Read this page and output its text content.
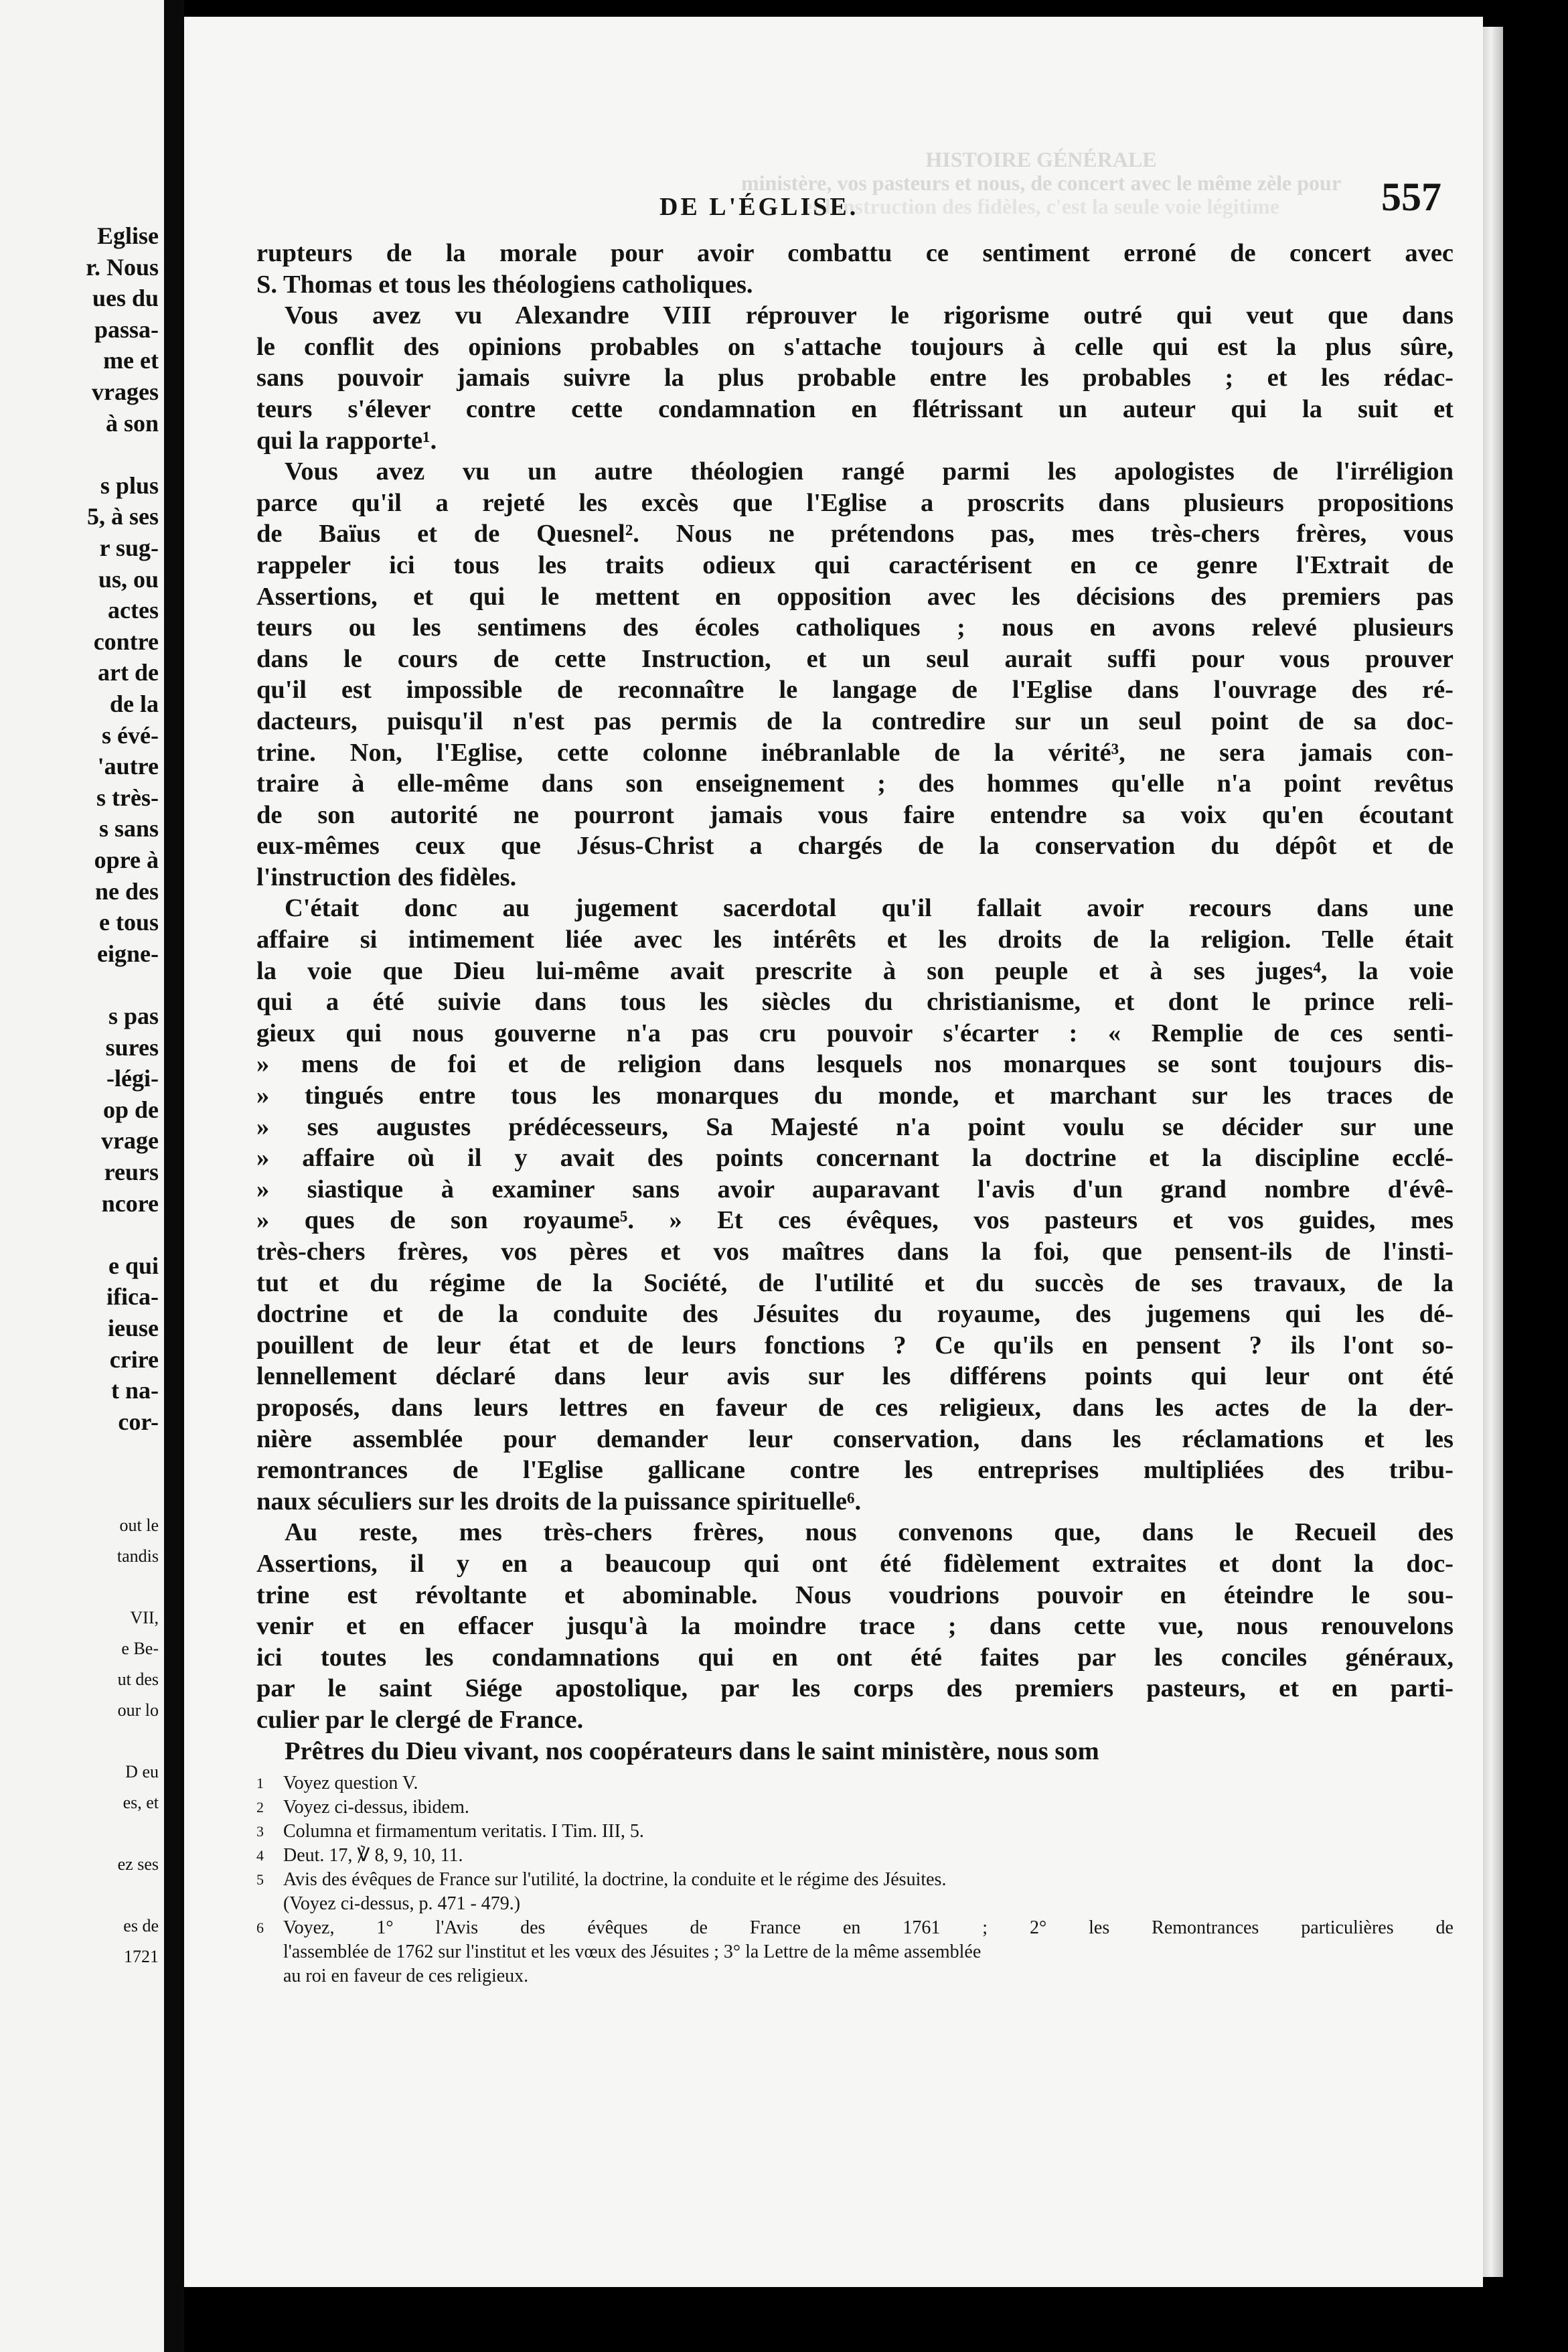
Eglise
r. Nous
ues du
passa-
me et
vrages
à son
s plus
5, à ses
r sug-
us, ou
actes
contre
art de
de la
s évé-
'autre
s très-
s sans
opre à
ne des
e tous
eigne-
s pas
sures
-légi-
op de
vrage
reurs
ncore
e qui
ifica-
ieuse
crire
t na-
cor-
out le
tandis
VII,
e Be-
ut des
our lo
D eu
es, et
ez ses
es de
1721
HISTOIRE GÉNÉRALE
ministère, vos pasteurs et nous, de concert avec le même zèle pour
et l'instruction des fidèles, c'est la seule voie légitime
DE L'ÉGLISE.	557
rupteurs de la morale pour avoir combattu ce sentiment erroné de concert avec
S. Thomas et tous les théologiens catholiques.
Vous avez vu Alexandre VIII réprouver le rigorisme outré qui veut que dans
le conflit des opinions probables on s'attache toujours à celle qui est la plus sûre,
sans pouvoir jamais suivre la plus probable entre les probables ; et les rédac-
teurs s'élever contre cette condamnation en flétrissant un auteur qui la suit et
qui la rapporte¹.
Vous avez vu un autre théologien rangé parmi les apologistes de l'irréligion
parce qu'il a rejeté les excès que l'Eglise a proscrits dans plusieurs propositions
de Baïus et de Quesnel². Nous ne prétendons pas, mes très-chers frères, vous
rappeler ici tous les traits odieux qui caractérisent en ce genre l'Extrait de
Assertions, et qui le mettent en opposition avec les décisions des premiers pas
teurs ou les sentimens des écoles catholiques ; nous en avons relevé plusieurs
dans le cours de cette Instruction, et un seul aurait suffi pour vous prouver
qu'il est impossible de reconnaître le langage de l'Eglise dans l'ouvrage des ré-
dacteurs, puisqu'il n'est pas permis de la contredire sur un seul point de sa doc-
trine. Non, l'Eglise, cette colonne inébranlable de la vérité³, ne sera jamais con-
traire à elle-même dans son enseignement ; des hommes qu'elle n'a point revêtus
de son autorité ne pourront jamais vous faire entendre sa voix qu'en écoutant
eux-mêmes ceux que Jésus-Christ a chargés de la conservation du dépôt et de
l'instruction des fidèles.
C'était donc au jugement sacerdotal qu'il fallait avoir recours dans une
affaire si intimement liée avec les intérêts et les droits de la religion. Telle était
la voie que Dieu lui-même avait prescrite à son peuple et à ses juges⁴, la voie
qui a été suivie dans tous les siècles du christianisme, et dont le prince reli-
gieux qui nous gouverne n'a pas cru pouvoir s'écarter : « Remplie de ces senti-
» mens de foi et de religion dans lesquels nos monarques se sont toujours dis-
» tingués entre tous les monarques du monde, et marchant sur les traces de
» ses augustes prédécesseurs, Sa Majesté n'a point voulu se décider sur une
» affaire où il y avait des points concernant la doctrine et la discipline ecclé-
» siastique à examiner sans avoir auparavant l'avis d'un grand nombre d'évê-
» ques de son royaume⁵. » Et ces évêques, vos pasteurs et vos guides, mes
très-chers frères, vos pères et vos maîtres dans la foi, que pensent-ils de l'insti-
tut et du régime de la Société, de l'utilité et du succès de ses travaux, de la
doctrine et de la conduite des Jésuites du royaume, des jugemens qui les dé-
pouillent de leur état et de leurs fonctions ? Ce qu'ils en pensent ? ils l'ont so-
lennellement déclaré dans leur avis sur les différens points qui leur ont été
proposés, dans leurs lettres en faveur de ces religieux, dans les actes de la der-
nière assemblée pour demander leur conservation, dans les réclamations et les
remontrances de l'Eglise gallicane contre les entreprises multipliées des tribu-
naux séculiers sur les droits de la puissance spirituelle⁶.
Au reste, mes très-chers frères, nous convenons que, dans le Recueil des
Assertions, il y en a beaucoup qui ont été fidèlement extraites et dont la doc-
trine est révoltante et abominable. Nous voudrions pouvoir en éteindre le sou-
venir et en effacer jusqu'à la moindre trace ; dans cette vue, nous renouvelons
ici toutes les condamnations qui en ont été faites par les conciles généraux,
par le saint Siége apostolique, par les corps des premiers pasteurs, et en parti-
culier par le clergé de France.
Prêtres du Dieu vivant, nos coopérateurs dans le saint ministère, nous som
1 Voyez question V.
2 Voyez ci-dessus, ibidem.
3 Columna et firmamentum veritatis. I Tim. III, 5.
4 Deut. 17, ℣ 8, 9, 10, 11.
5 Avis des évêques de France sur l'utilité, la doctrine, la conduite et le régime des Jésuites.
(Voyez ci-dessus, p. 471 - 479.)
6 Voyez, 1° l'Avis des évêques de France en 1761 ; 2° les Remontrances particulières de
l'assemblée de 1762 sur l'institut et les vœux des Jésuites ; 3° la Lettre de la même assemblée
au roi en faveur de ces religieux.
